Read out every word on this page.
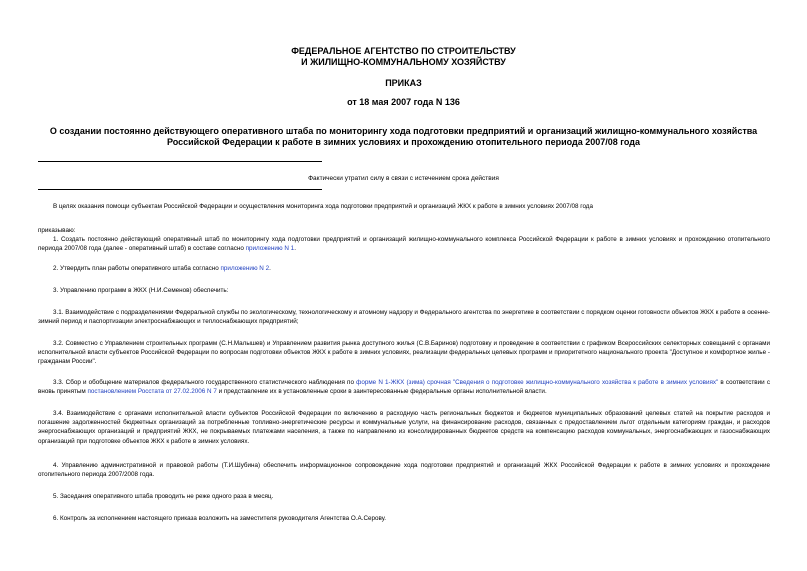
ФЕДЕРАЛЬНОЕ АГЕНТСТВО ПО СТРОИТЕЛЬСТВУ
И ЖИЛИЩНО-КОММУНАЛЬНОМУ ХОЗЯЙСТВУ
ПРИКАЗ
от 18 мая 2007 года N 136
О создании постоянно действующего оперативного штаба по мониторингу хода подготовки предприятий и организаций жилищно-коммунального хозяйства
Российской Федерации к работе в зимних условиях и прохождению отопительного периода 2007/08 года
Фактически утратил силу в связи с истечением срока действия
В целях оказания помощи субъектам Российской Федерации и осуществления мониторинга хода подготовки предприятий и организаций ЖКХ к работе в зимних условиях 2007/08 года
приказываю:
1. Создать постоянно действующий оперативный штаб по мониторингу хода подготовки предприятий и организаций жилищно-коммунального комплекса Российской Федерации к работе в зимних условиях и прохождению отопительного периода 2007/08 года (далее - оперативный штаб) в составе согласно приложению N 1.
2. Утвердить план работы оперативного штаба согласно приложению N 2.
3. Управлению программ в ЖКХ (Н.И.Семенов) обеспечить:
3.1. Взаимодействие с подразделениями Федеральной службы по экологическому, технологическому и атомному надзору и Федерального агентства по энергетике в соответствии с порядком оценки готовности объектов ЖКХ к работе в осенне-зимний период и паспортизации электроснабжающих и теплоснабжающих предприятий;
3.2. Совместно с Управлением строительных программ (С.Н.Малышев) и Управлением развития рынка доступного жилья (С.В.Баринов) подготовку и проведение в соответствии с графиком Всероссийских селекторных совещаний с органами исполнительной власти субъектов Российской Федерации по вопросам подготовки объектов ЖКХ к работе в зимних условиях, реализации федеральных целевых программ и приоритетного национального проекта "Доступное и комфортное жилье - гражданам России".
3.3. Сбор и обобщение материалов федерального государственного статистического наблюдения по форме N 1-ЖКХ (зима) срочная "Сведения о подготовке жилищно-коммунального хозяйства к работе в зимних условиях" в соответствии с вновь принятым постановлением Росстата от 27.02.2006 N 7 и представление их в установленные сроки в заинтересованные федеральные органы исполнительной власти.
3.4. Взаимодействие с органами исполнительной власти субъектов Российской Федерации по включению в расходную часть региональных бюджетов и бюджетов муниципальных образований целевых статей на покрытие расходов и погашение задолженностей бюджетных организаций за потребленные топливно-энергетические ресурсы и коммунальные услуги, на финансирование расходов, связанных с предоставлением льгот отдельным категориям граждан, и расходов энергоснабжающих организаций и предприятий ЖКХ, не покрываемых платежами населения, а также по направлению из консолидированных бюджетов средств на компенсацию расходов коммунальных, энергоснабжающих и газоснабжающих организаций при подготовке объектов ЖКХ к работе в зимних условиях.
4. Управлению административной и правовой работы (Т.И.Шубина) обеспечить информационное сопровождение хода подготовки предприятий и организаций ЖКХ Российской Федерации к работе в зимних условиях и прохождение отопительного периода 2007/2008 года.
5. Заседания оперативного штаба проводить не реже одного раза в месяц.
6. Контроль за исполнением настоящего приказа возложить на заместителя руководителя Агентства О.А.Серову.
